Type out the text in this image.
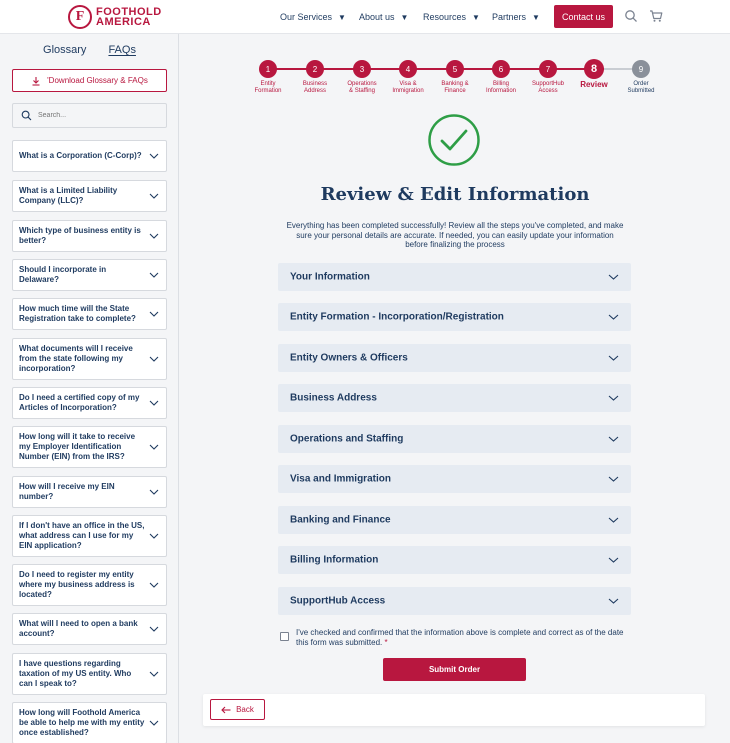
F	FOOTHOLD
AMERICA	Our Services ▼ About us ▼ Resources ▼ Partners ▼	Contact us
Glossary FAQs
'Download Glossary & FAQs
Search...
What is a Corporation (C-Corp)?
What is a Limited Liability Company (LLC)?
Which type of business entity is better?
Should I incorporate in Delaware?
How much time will the State Registration take to complete?
What documents will I receive from the state following my incorporation?
Do I need a certified copy of my Articles of Incorporation?
How long will it take to receive my Employer Identification Number (EIN) from the IRS?
How will I receive my EIN number?
If I don't have an office in the US, what address can I use for my EIN application?
Do I need to register my entity where my business address is located?
What will I need to open a bank account?
I have questions regarding taxation of my US entity. Who can I speak to?
How long will Foothold America be able to help me with my entity once established?
1
Entity
Formation
2
Business
Address
3
Operations
& Staffing
4
Visa &
Immigration
5
Banking &
Finance
6
Billing
Information
7
SupportHub
Access
8
Review
9
Order
Submitted
Review & Edit Information
Everything has been completed successfully! Review all the steps you've completed, and make sure your personal details are accurate. If needed, you can easily update your information before finalizing the process
Your Information
Entity Formation - Incorporation/Registration
Entity Owners & Officers
Business Address
Operations and Staffing
Visa and Immigration
Banking and Finance
Billing Information
SupportHub Access
I've checked and confirmed that the information above is complete and correct as of the date this form was submitted. *
Submit Order
Back
